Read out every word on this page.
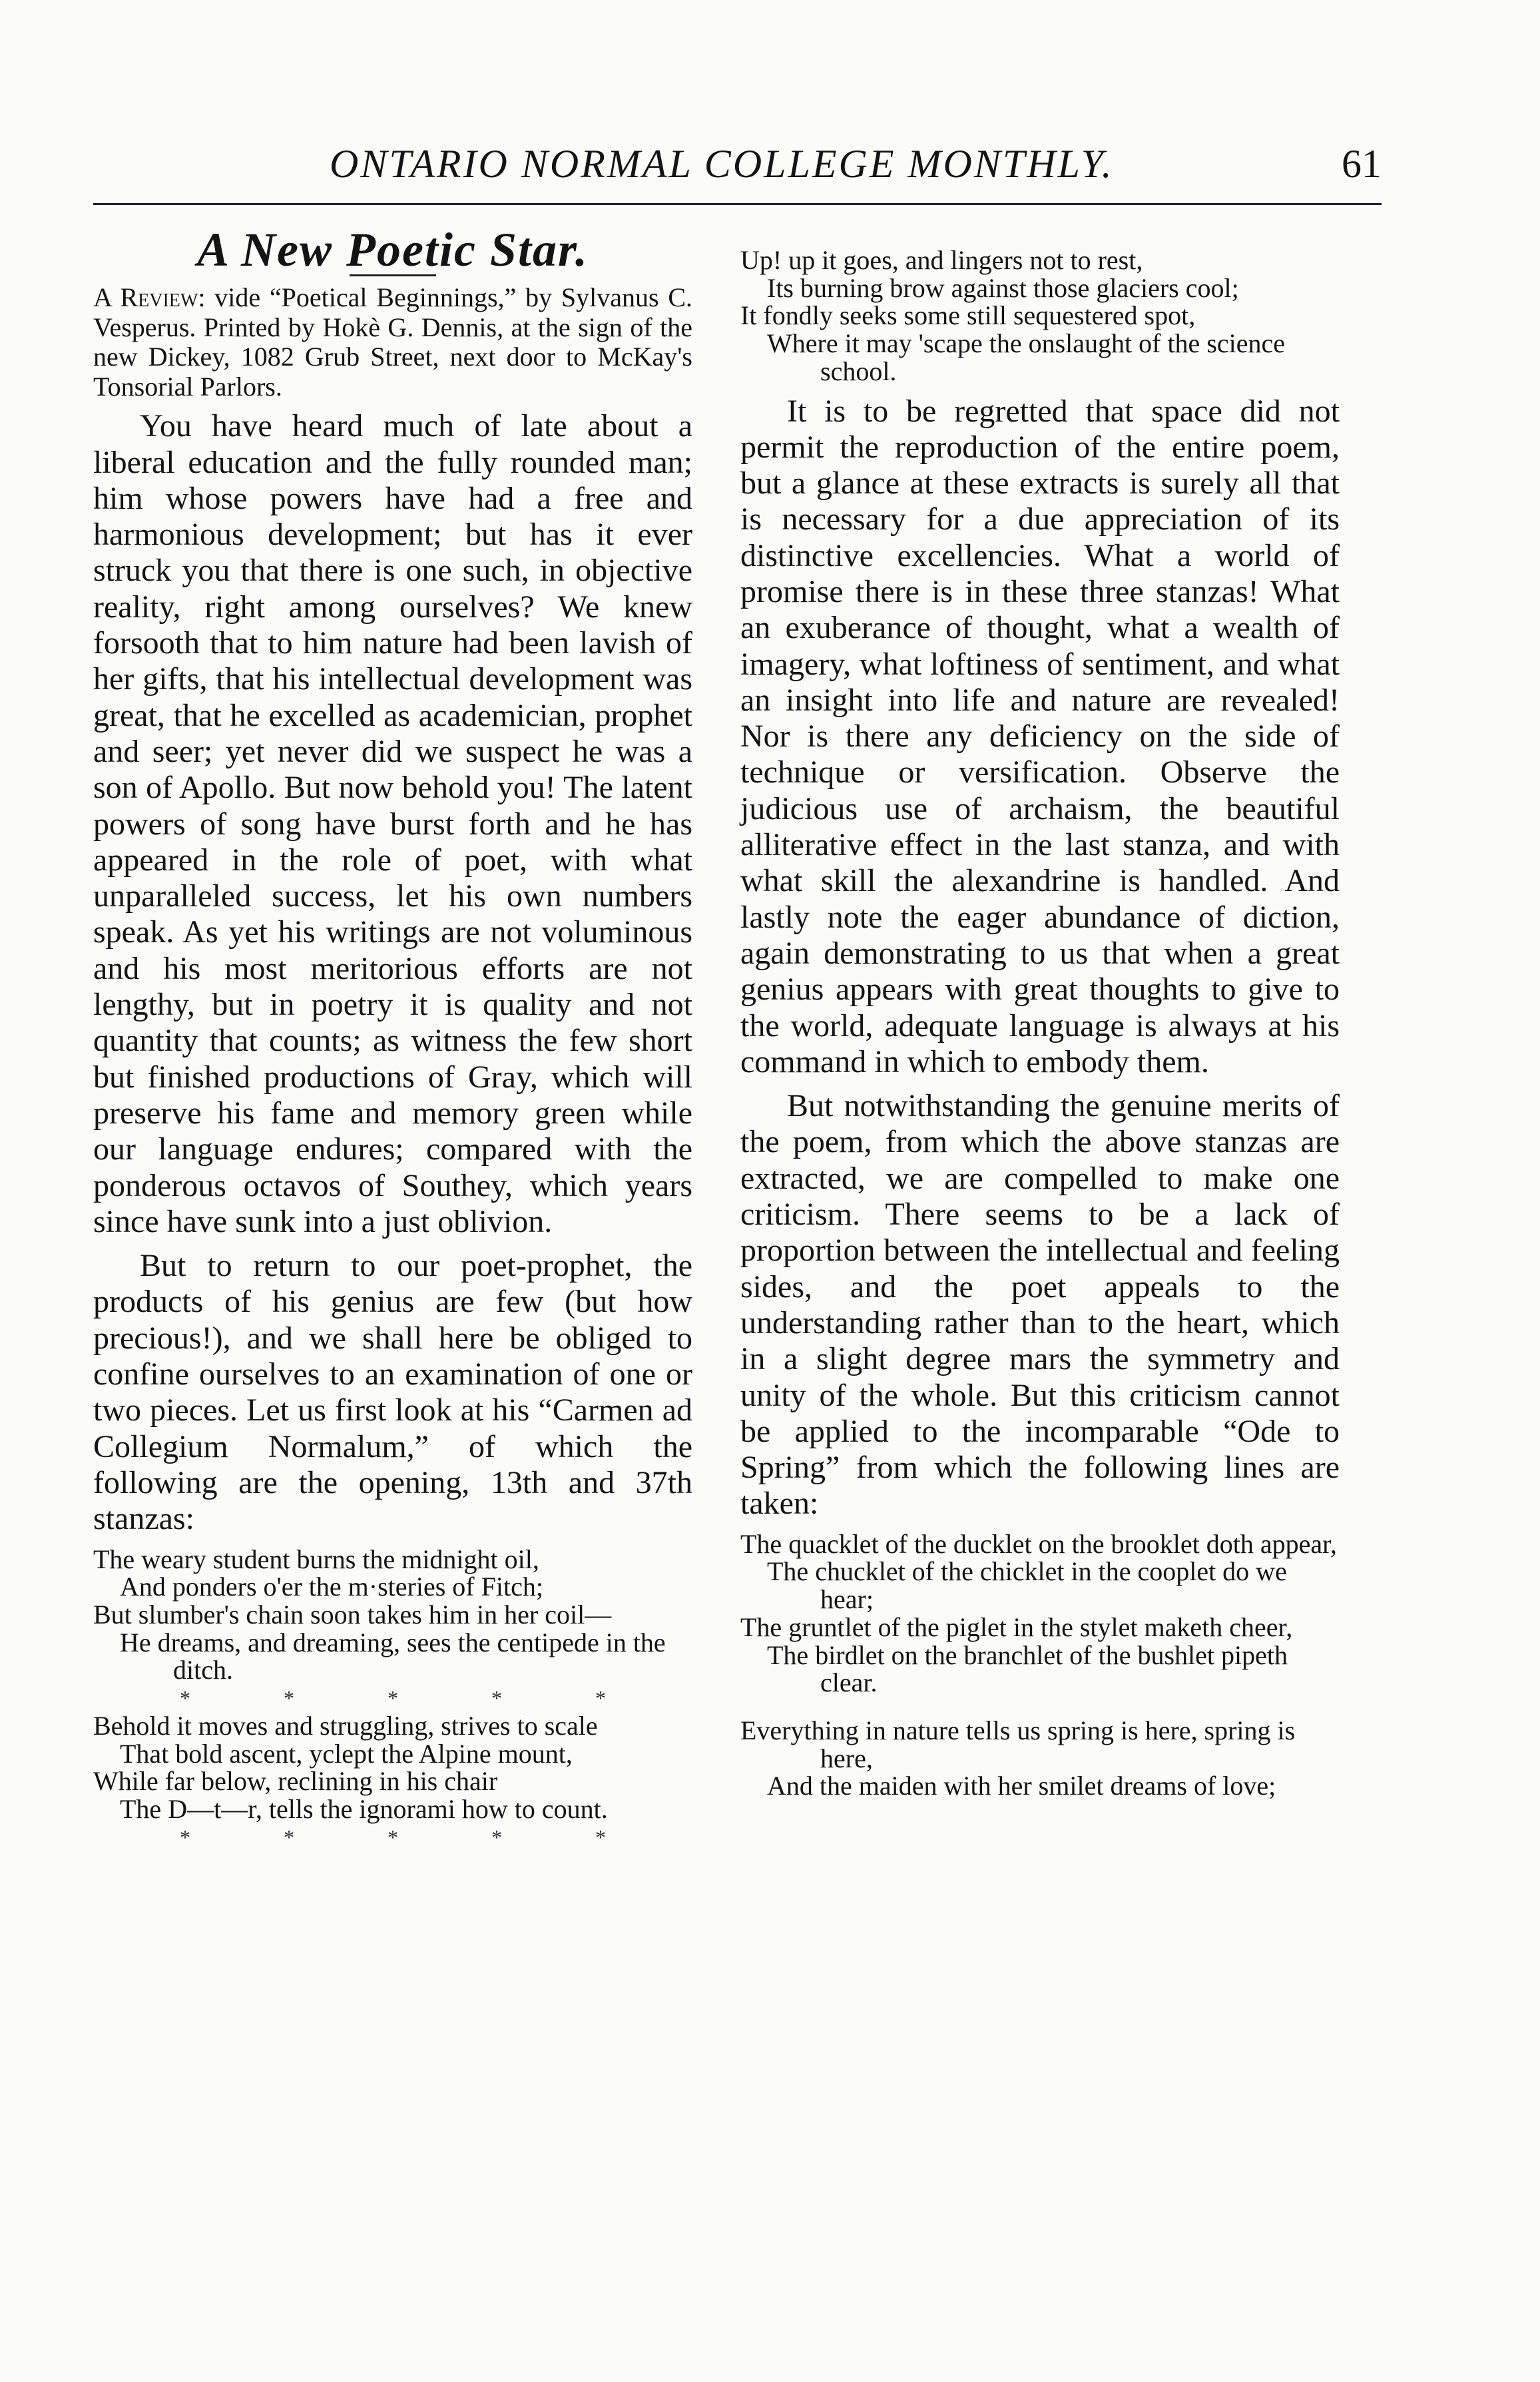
ONTARIO NORMAL COLLEGE MONTHLY.	61
A New Poetic Star.

A Review: vide “Poetical Beginnings,” by Sylvanus C. Vesperus. Printed by Hokè G. Dennis, at the sign of the new Dickey, 1082 Grub Street, next door to McKay's Tonsorial Parlors.

You have heard much of late about a liberal education and the fully rounded man; him whose powers have had a free and harmonious development; but has it ever struck you that there is one such, in objective reality, right among ourselves? We knew forsooth that to him nature had been lavish of her gifts, that his intellectual development was great, that he excelled as academician, prophet and seer; yet never did we suspect he was a son of Apollo. But now behold you! The latent powers of song have burst forth and he has appeared in the role of poet, with what unparalleled success, let his own numbers speak. As yet his writings are not voluminous and his most meritorious efforts are not lengthy, but in poetry it is quality and not quantity that counts; as witness the few short but finished productions of Gray, which will preserve his fame and memory green while our language endures; compared with the ponderous octavos of Southey, which years since have sunk into a just oblivion.

But to return to our poet-prophet, the products of his genius are few (but how precious!), and we shall here be obliged to confine ourselves to an examination of one or two pieces. Let us first look at his “Carmen ad Collegium Normalum,” of which the following are the opening, 13th and 37th stanzas:

The weary student burns the midnight oil,
And ponders o'er the m·steries of Fitch;
But slumber's chain soon takes him in her coil—
He dreams, and dreaming, sees the centipede in the ditch.
*	*	*	*	*
Behold it moves and struggling, strives to scale
That bold ascent, yclept the Alpine mount,
While far below, reclining in his chair
The D—t—r, tells the ignorami how to count.
*	*	*	*	*
Up! up it goes, and lingers not to rest,
Its burning brow against those glaciers cool;
It fondly seeks some still sequestered spot,
Where it may 'scape the onslaught of the science school.

It is to be regretted that space did not permit the reproduction of the entire poem, but a glance at these extracts is surely all that is necessary for a due appreciation of its distinctive excellencies. What a world of promise there is in these three stanzas! What an exuberance of thought, what a wealth of imagery, what loftiness of sentiment, and what an insight into life and nature are revealed! Nor is there any deficiency on the side of technique or versification. Observe the judicious use of archaism, the beautiful alliterative effect in the last stanza, and with what skill the alexandrine is handled. And lastly note the eager abundance of diction, again demonstrating to us that when a great genius appears with great thoughts to give to the world, adequate language is always at his command in which to embody them.

But notwithstanding the genuine merits of the poem, from which the above stanzas are extracted, we are compelled to make one criticism. There seems to be a lack of proportion between the intellectual and feeling sides, and the poet appeals to the understanding rather than to the heart, which in a slight degree mars the symmetry and unity of the whole. But this criticism cannot be applied to the incomparable “Ode to Spring” from which the following lines are taken:

The quacklet of the ducklet on the brooklet doth appear,
The chucklet of the chicklet in the cooplet do we hear;
The gruntlet of the piglet in the stylet maketh cheer,
The birdlet on the branchlet of the bushlet pipeth clear.
Everything in nature tells us spring is here, spring is here,
And the maiden with her smilet dreams of love;
